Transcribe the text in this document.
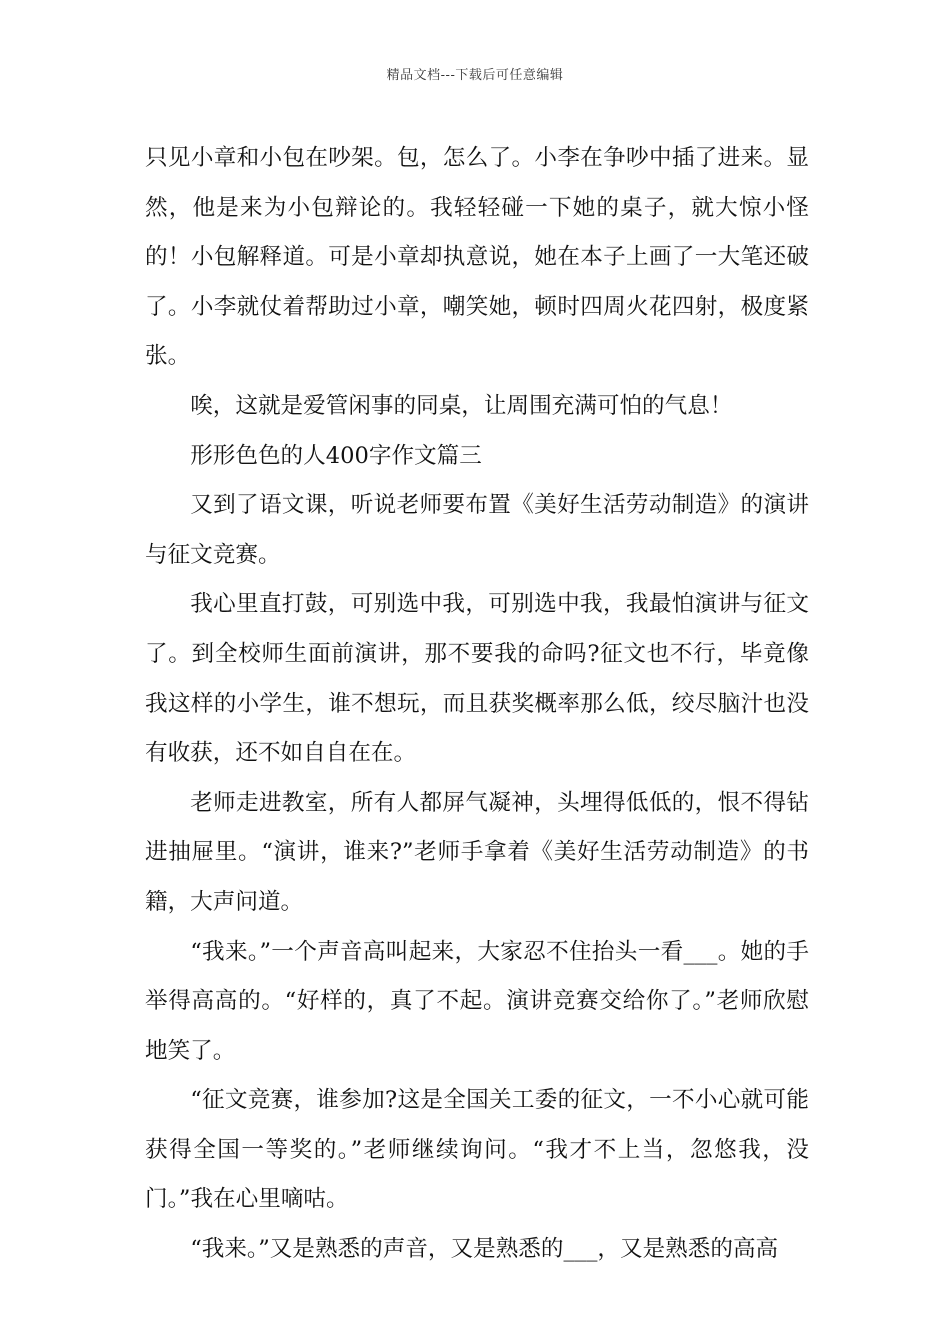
精品文档---下载后可任意编辑

只见小章和小包在吵架。包，怎么了。小李在争吵中插了进来。显然，他是来为小包辩论的。我轻轻碰一下她的桌子，就大惊小怪的！小包解释道。可是小章却执意说，她在本子上画了一大笔还破了。小李就仗着帮助过小章，嘲笑她，顿时四周火花四射，极度紧张。

唉，这就是爱管闲事的同桌，让周围充满可怕的气息！

形形色色的人400字作文篇三

又到了语文课，听说老师要布置《美好生活劳动制造》的演讲与征文竞赛。

我心里直打鼓，可别选中我，可别选中我，我最怕演讲与征文了。到全校师生面前演讲，那不要我的命吗?征文也不行，毕竟像我这样的小学生，谁不想玩，而且获奖概率那么低，绞尽脑汁也没有收获，还不如自自在在。

老师走进教室，所有人都屏气凝神，头埋得低低的，恨不得钻进抽屉里。“演讲，谁来?”老师手拿着《美好生活劳动制造》的书籍，大声问道。

“我来。”一个声音高叫起来，大家忍不住抬头一看___。她的手举得高高的。“好样的，真了不起。演讲竞赛交给你了。”老师欣慰地笑了。

“征文竞赛，谁参加?这是全国关工委的征文，一不小心就可能获得全国一等奖的。”老师继续询问。“我才不上当，忽悠我，没门。”我在心里嘀咕。

“我来。”又是熟悉的声音，又是熟悉的___，又是熟悉的高高
